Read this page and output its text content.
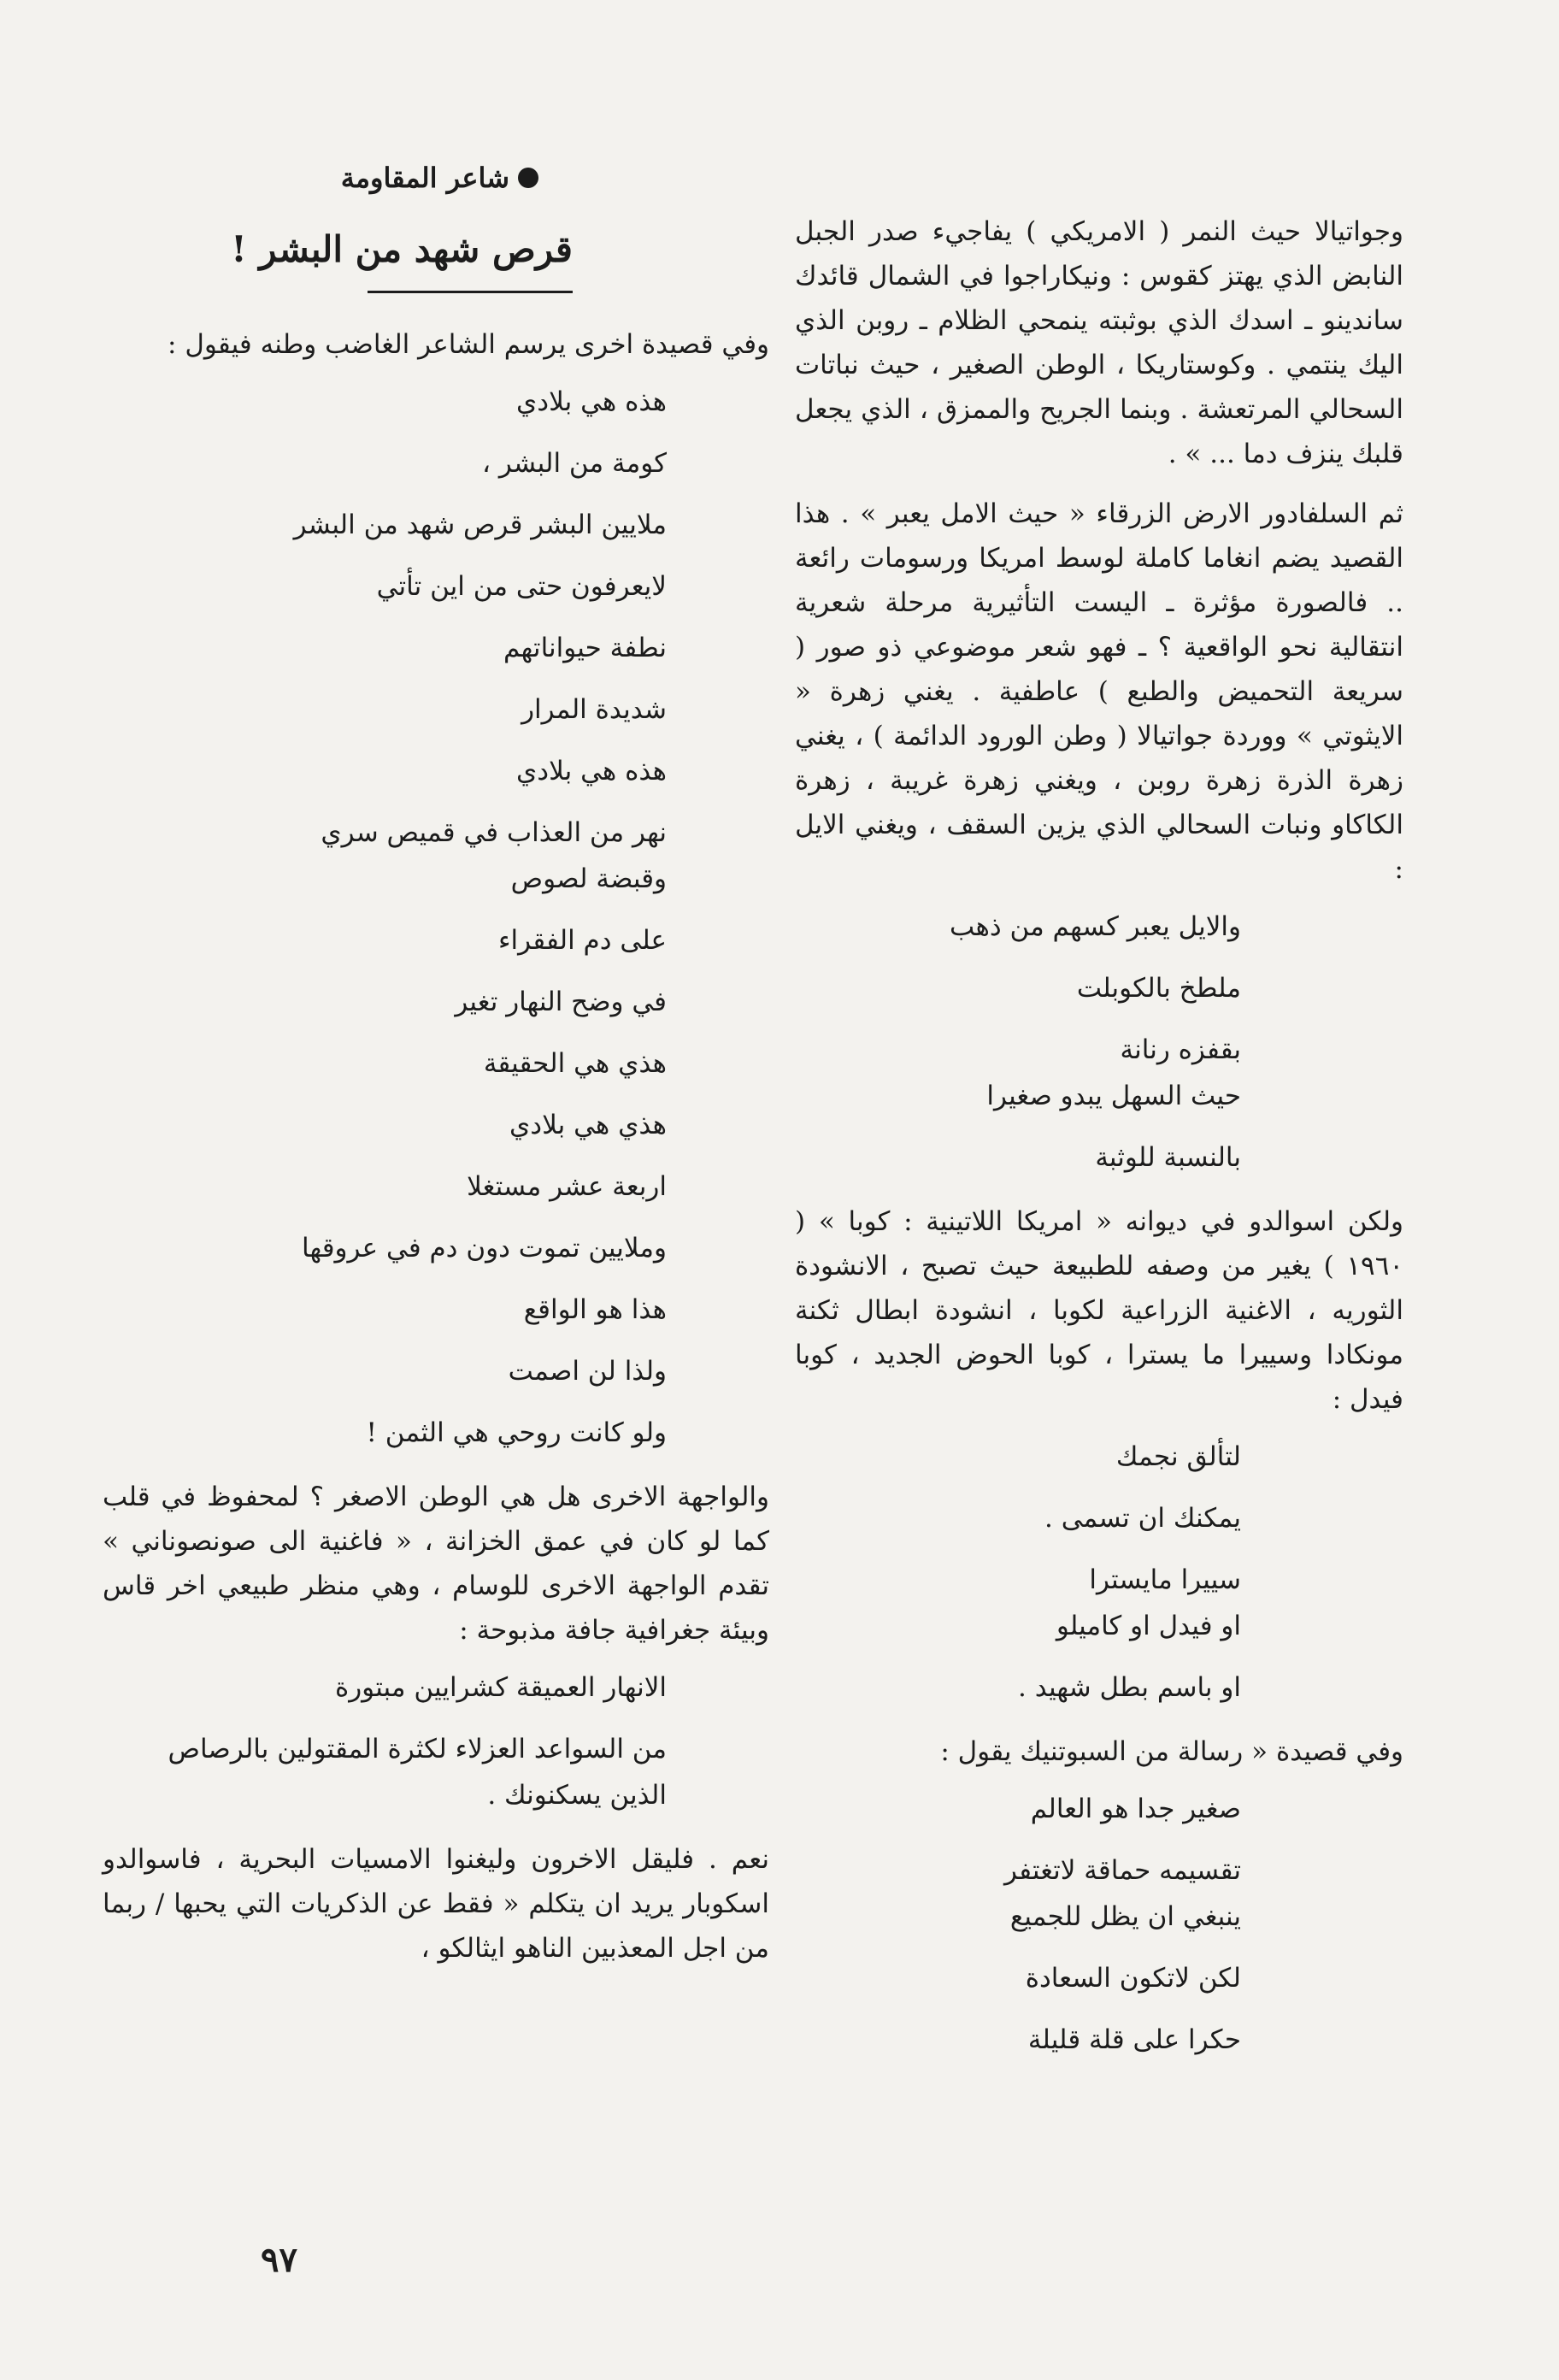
وجواتيالا حيث النمر ( الامريكي ) يفاجيء صدر الجبل النابض الذي يهتز كقوس : ونيكاراجوا في الشمال قائدك ساندينو ـ اسدك الذي بوثبته ينمحي الظلام ـ روبن الذي اليك ينتمي . وكوستاريكا ، الوطن الصغير ، حيث نباتات السحالي المرتعشة . وبنما الجريح والممزق ، الذي يجعل قلبك ينزف دما ... » .

ثم السلفادور الارض الزرقاء « حيث الامل يعبر » . هذا القصيد يضم انغاما كاملة لوسط امريكا ورسومات رائعة .. فالصورة مؤثرة ـ اليست التأثيرية مرحلة شعرية انتقالية نحو الواقعية ؟ ـ فهو شعر موضوعي ذو صور ( سريعة التحميض والطبع ) عاطفية . يغني زهرة « الايثوتي » ووردة جواتيالا ( وطن الورود الدائمة ) ، يغني زهرة الذرة زهرة روبن ، ويغني زهرة غريبة ، زهرة الكاكاو ونبات السحالي الذي يزين السقف ، ويغني الايل :

والايل يعبر كسهم من ذهب
ملطخ بالكوبلت
بقفزه رنانة
حيث السهل يبدو صغيرا
بالنسبة للوثبة

ولكن اسوالدو في ديوانه « امريكا اللاتينية : كوبا » ( ١٩٦٠ ) يغير من وصفه للطبيعة حيث تصبح ، الانشودة الثوريه ، الاغنية الزراعية لكوبا ، انشودة ابطال ثكنة مونكادا وسييرا ما يسترا ، كوبا الحوض الجديد ، كوبا فيدل :

لتألق نجمك
يمكنك ان تسمى .
سييرا مايسترا
او فيدل او كاميلو
او باسم بطل شهيد .

وفي قصيدة « رسالة من السبوتنيك يقول :

صغير جدا هو العالم
تقسيمه حماقة لاتغتفر
ينبغي ان يظل للجميع
لكن لاتكون السعادة
حكرا على قلة قليلة
شاعر المقاومة
قرص شهد من البشر !

وفي قصيدة اخرى يرسم الشاعر الغاضب وطنه فيقول :

هذه هي بلادي
كومة من البشر ،
ملايين البشر قرص شهد من البشر
لايعرفون حتى من اين تأتي
نطفة حيواناتهم
شديدة المرار
هذه هي بلادي
نهر من العذاب في قميص سري
وقبضة لصوص
على دم الفقراء
في وضح النهار تغير
هذي هي الحقيقة
هذي هي بلادي
اربعة عشر مستغلا
وملايين تموت دون دم في عروقها
هذا هو الواقع
ولذا لن اصمت
ولو كانت روحي هي الثمن !

والواجهة الاخرى هل هي الوطن الاصغر ؟ لمحفوظ في قلب كما لو كان في عمق الخزانة ، « فاغنية الى صونصوناني » تقدم الواجهة الاخرى للوسام ، وهي منظر طبيعي اخر قاس وبيئة جغرافية جافة مذبوحة :

الانهار العميقة كشرايين مبتورة
من السواعد العزلاء لكثرة المقتولين بالرصاص
الذين يسكنونك .

نعم . فليقل الاخرون وليغنوا الامسيات البحرية ، فاسوالدو اسكوبار يريد ان يتكلم « فقط عن الذكريات التي يحبها / ربما من اجل المعذبين الناهو ايثالكو ،

٩٧
